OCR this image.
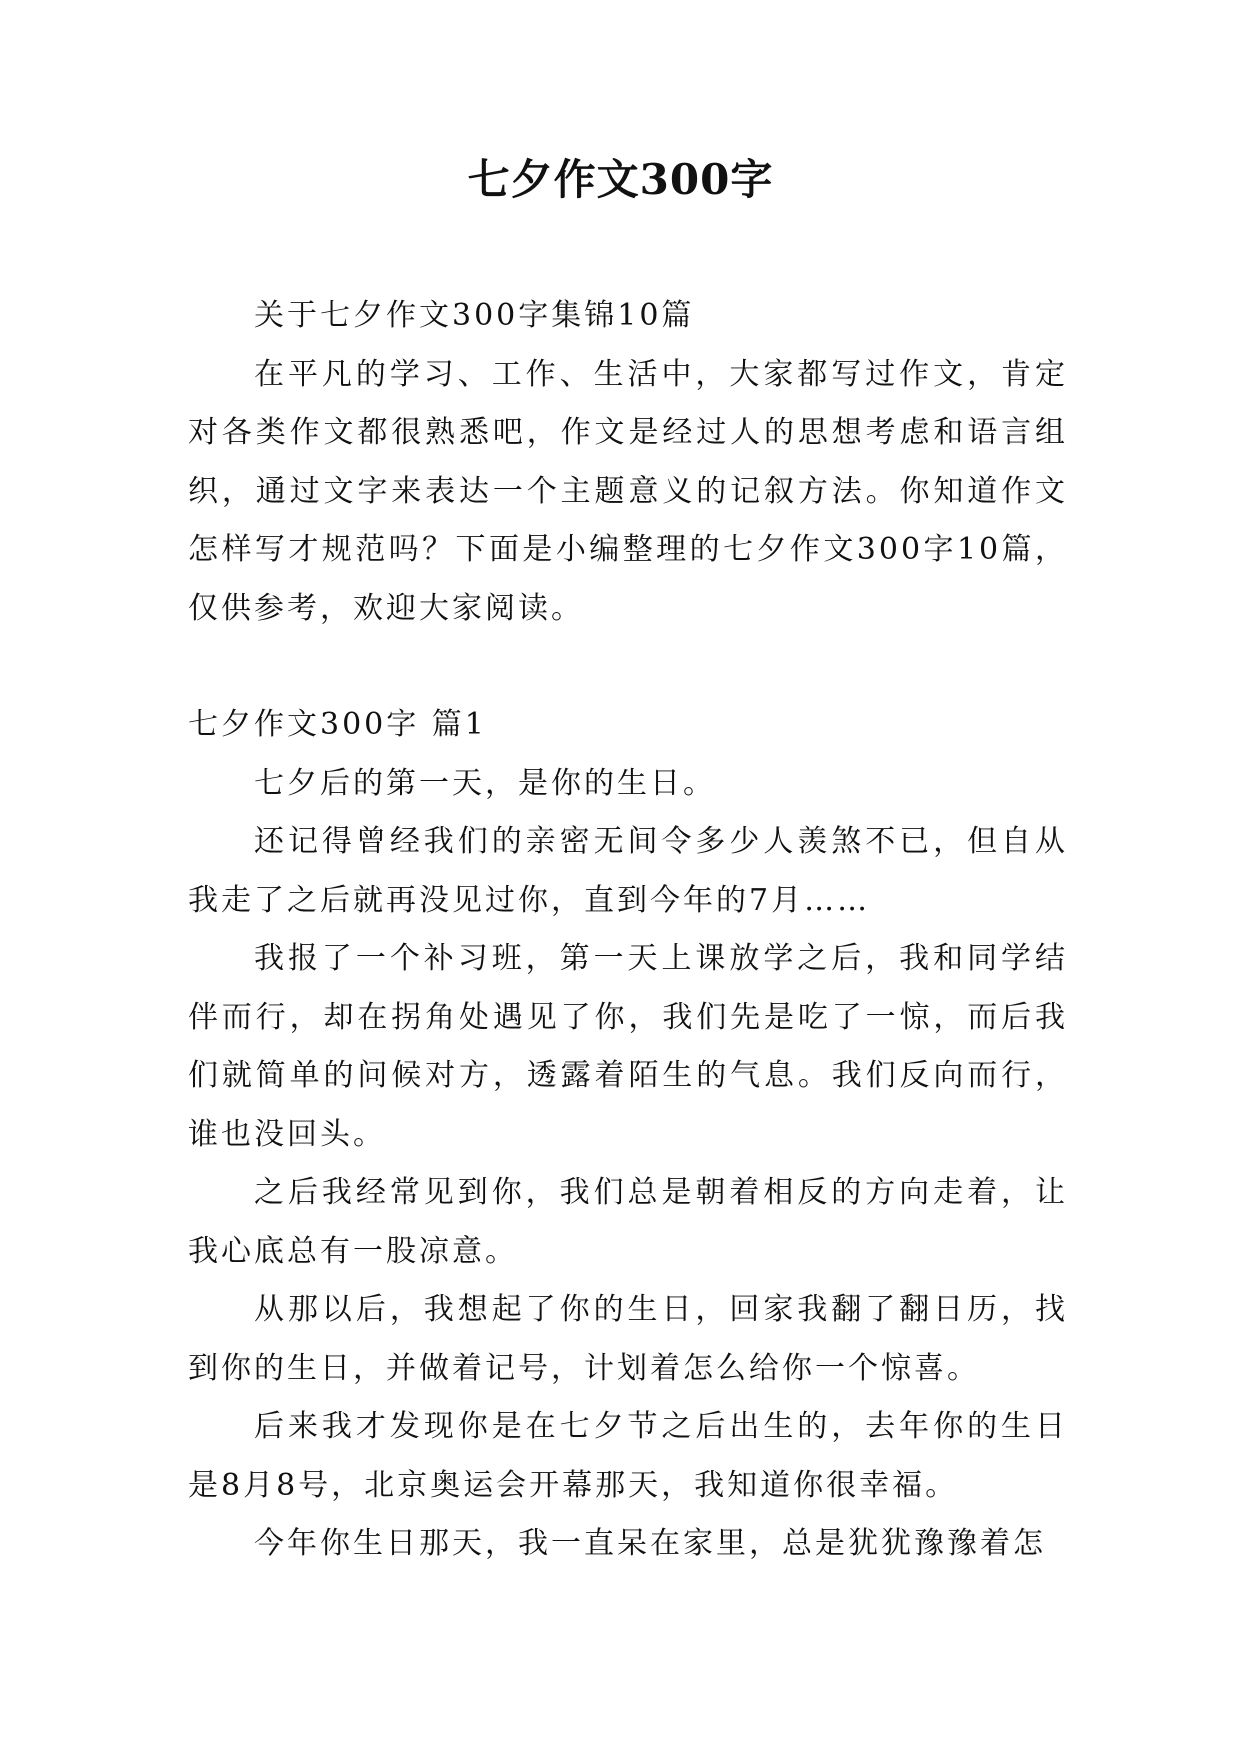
七夕作文300字

关于七夕作文300字集锦10篇

在平凡的学习、工作、生活中，大家都写过作文，肯定对各类作文都很熟悉吧，作文是经过人的思想考虑和语言组织，通过文字来表达一个主题意义的记叙方法。你知道作文怎样写才规范吗？下面是小编整理的七夕作文300字10篇，仅供参考，欢迎大家阅读。

七夕作文300字 篇1

七夕后的第一天，是你的生日。

还记得曾经我们的亲密无间令多少人羡煞不已，但自从我走了之后就再没见过你，直到今年的7月……

我报了一个补习班，第一天上课放学之后，我和同学结伴而行，却在拐角处遇见了你，我们先是吃了一惊，而后我们就简单的问候对方，透露着陌生的气息。我们反向而行，谁也没回头。

之后我经常见到你，我们总是朝着相反的方向走着，让我心底总有一股凉意。

从那以后，我想起了你的生日，回家我翻了翻日历，找到你的生日，并做着记号，计划着怎么给你一个惊喜。

后来我才发现你是在七夕节之后出生的，去年你的生日是8月8号，北京奥运会开幕那天，我知道你很幸福。

今年你生日那天，我一直呆在家里，总是犹犹豫豫着怎
